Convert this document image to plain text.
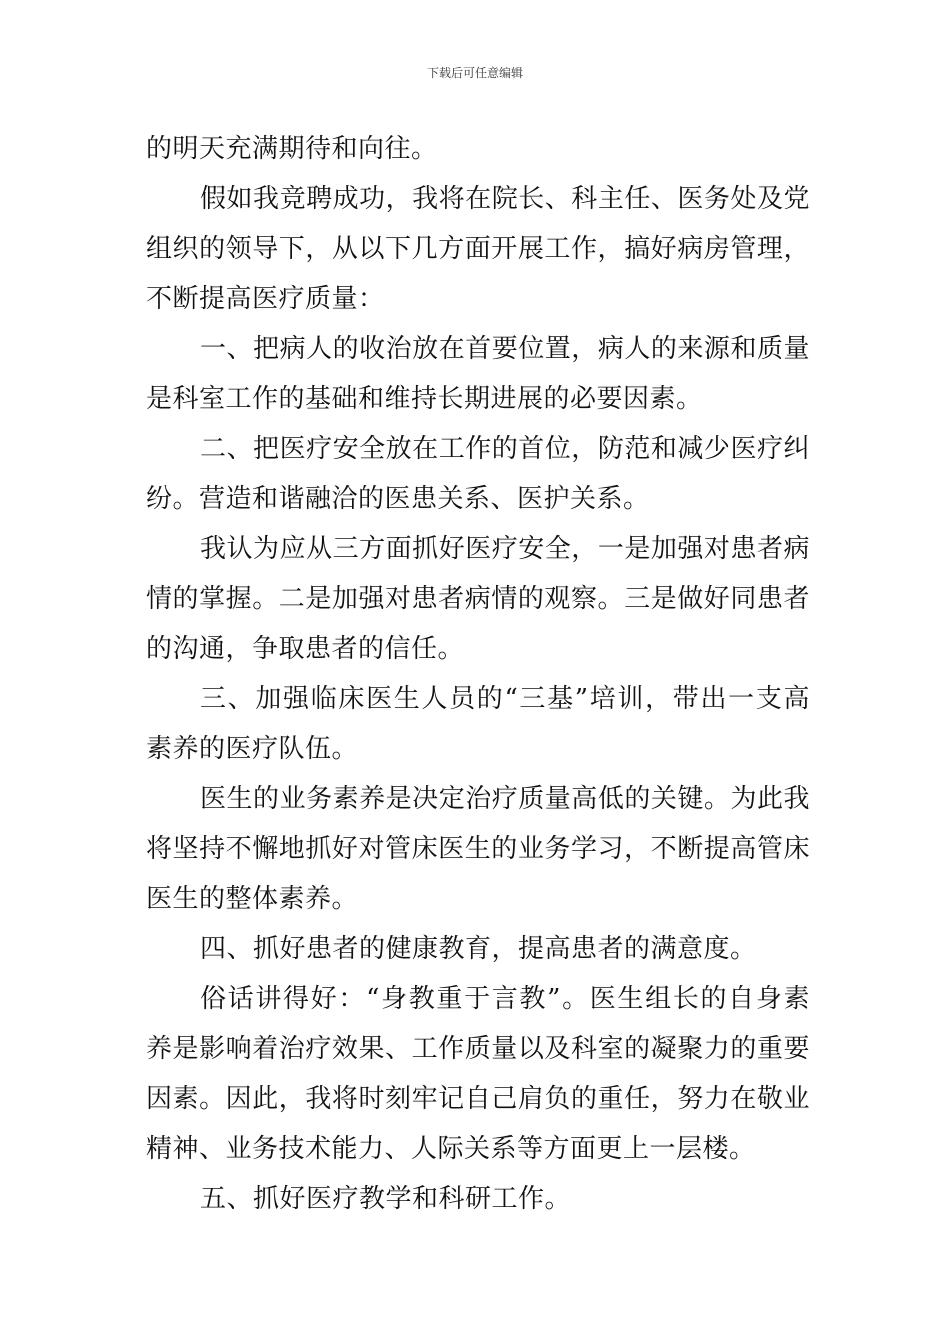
下载后可任意编辑

的明天充满期待和向往。

假如我竞聘成功，我将在院长、科主任、医务处及党组织的领导下，从以下几方面开展工作，搞好病房管理，不断提高医疗质量：

一、把病人的收治放在首要位置，病人的来源和质量是科室工作的基础和维持长期进展的必要因素。

二、把医疗安全放在工作的首位，防范和减少医疗纠纷。营造和谐融洽的医患关系、医护关系。

我认为应从三方面抓好医疗安全，一是加强对患者病情的掌握。二是加强对患者病情的观察。三是做好同患者的沟通，争取患者的信任。

三、加强临床医生人员的“三基”培训，带出一支高素养的医疗队伍。

医生的业务素养是决定治疗质量高低的关键。为此我将坚持不懈地抓好对管床医生的业务学习，不断提高管床医生的整体素养。

四、抓好患者的健康教育，提高患者的满意度。

俗话讲得好：“身教重于言教”。医生组长的自身素养是影响着治疗效果、工作质量以及科室的凝聚力的重要因素。因此，我将时刻牢记自己肩负的重任，努力在敬业精神、业务技术能力、人际关系等方面更上一层楼。

五、抓好医疗教学和科研工作。
